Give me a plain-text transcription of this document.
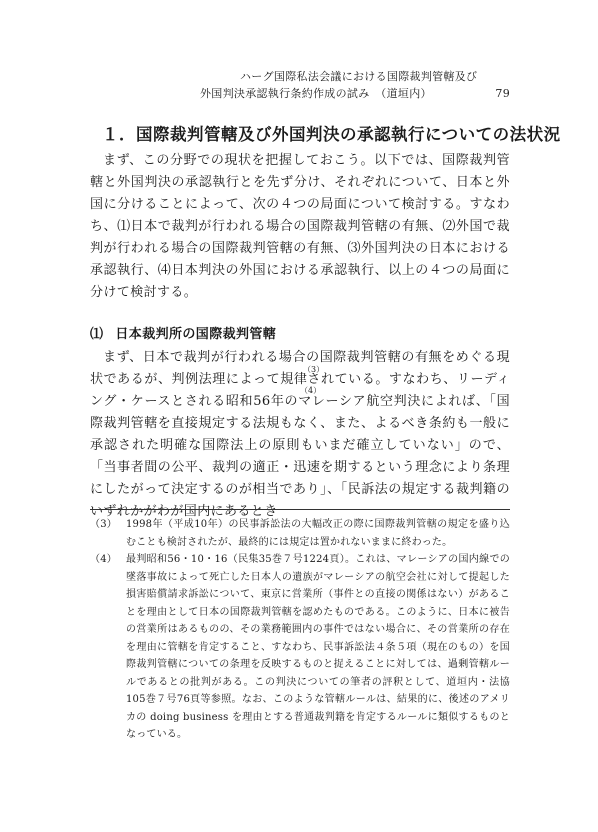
ハーグ国際私法会議における国際裁判管轄及び
外国判決承認執行条約作成の試み　（道垣内）	79
１．国際裁判管轄及び外国判決の承認執行についての法状況
まず、この分野での現状を把握しておこう。以下では、国際裁判管轄と外国判決の承認執行とを先ず分け、それぞれについて、日本と外国に分けることによって、次の４つの局面について検討する。すなわち、⑴日本で裁判が行われる場合の国際裁判管轄の有無、⑵外国で裁判が行われる場合の国際裁判管轄の有無、⑶外国判決の日本における承認執行、⑷日本判決の外国における承認執行、以上の４つの局面に分けて検討する。
⑴ 日本裁判所の国際裁判管轄
（3）
（4）
まず、日本で裁判が行われる場合の国際裁判管轄の有無をめぐる現状であるが、判例法理によって規律されている。すなわち、リーディング・ケースとされる昭和56年のマレーシア航空判決によれば、「国際裁判管轄を直接規定する法規もなく、また、よるべき条約も一般に承認された明確な国際法上の原則もいまだ確立していない」ので、「当事者間の公平、裁判の適正・迅速を期するという理念により条理にしたがって決定するのが相当であり」、「民訴法の規定する裁判籍のいずれかがわが国内にあるとき
（3） 1998年（平成10年）の民事訴訟法の大幅改正の際に国際裁判管轄の規定を盛り込むことも検討されたが、最終的には規定は置かれないままに終わった。
（4） 最判昭和56・10・16（民集35巻７号1224頁）。これは、マレーシアの国内線での墜落事故によって死亡した日本人の遺族がマレーシアの航空会社に対して提起した損害賠償請求訴訟について、東京に営業所（事件との直接の関係はない）があることを理由として日本の国際裁判管轄を認めたものである。このように、日本に被告の営業所はあるものの、その業務範囲内の事件ではない場合に、その営業所の存在を理由に管轄を肯定すること、すなわち、民事訴訟法４条５項（現在のもの）を国際裁判管轄についての条理を反映するものと捉えることに対しては、過剰管轄ルールであるとの批判がある。この判決についての筆者の評釈として、道垣内・法協105巻７号76頁等参照。なお、このような管轄ルールは、結果的に、後述のアメリカの doing business を理由とする普通裁判籍を肯定するルールに類似するものとなっている。
